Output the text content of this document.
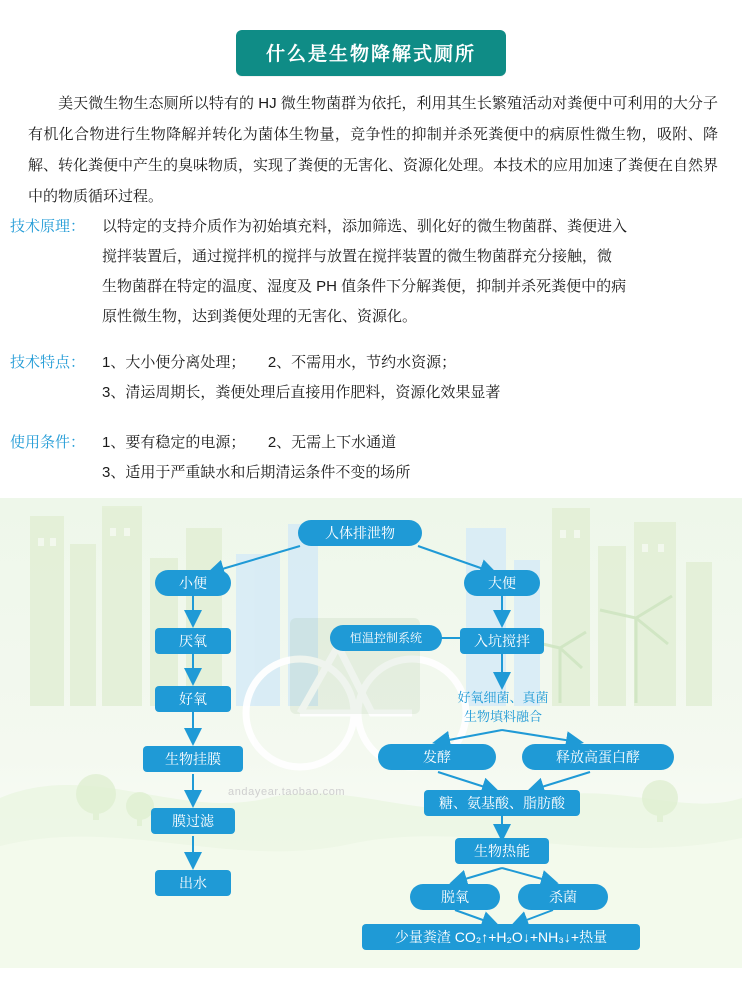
什么是生物降解式厕所
美天微生物生态厕所以特有的 HJ 微生物菌群为依托，利用其生长繁殖活动对粪便中可利用的大分子有机化合物进行生物降解并转化为菌体生物量，竞争性的抑制并杀死粪便中的病原性微生物，吸附、降解、转化粪便中产生的臭味物质，实现了粪便的无害化、资源化处理。本技术的应用加速了粪便在自然界中的物质循环过程。
技术原理：	以特定的支持介质作为初始填充料，添加筛选、驯化好的微生物菌群、粪便进入
搅拌装置后，通过搅拌机的搅拌与放置在搅拌装置的微生物菌群充分接触，微
生物菌群在特定的温度、湿度及 PH 值条件下分解粪便，抑制并杀死粪便中的病
原性微生物，达到粪便处理的无害化、资源化。
技术特点：	1、大小便分离处理；　　2、不需用水，节约水资源；
3、清运周期长，粪便处理后直接用作肥料，资源化效果显著
使用条件：	1、要有稳定的电源；　　2、无需上下水通道
3、适用于严重缺水和后期清运条件不变的场所
andayear.taobao.com
人体排泄物
小便	大便
厌氧	恒温控制系统	入坑搅拌
好氧
生物挂膜
膜过滤
出水
好氧细菌、真菌
生物填料融合
发酵	释放高蛋白酵
糖、氨基酸、脂肪酸
生物热能
脱氧	杀菌
少量粪渣 CO₂↑+H₂O↓+NH₃↓+热量
